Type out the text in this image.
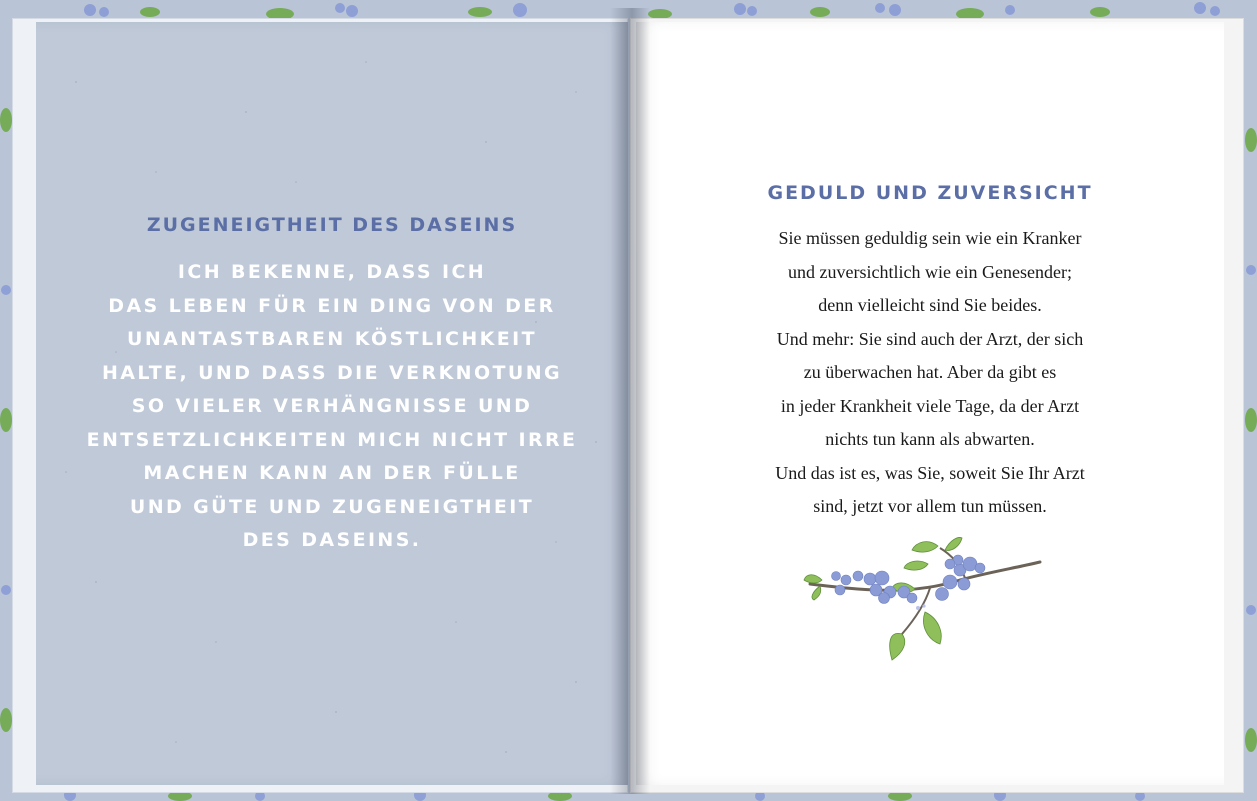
ZUGENEIGTHEIT DES DASEINS
ICH BEKENNE, DASS ICH
DAS LEBEN FÜR EIN DING VON DER
UNANTASTBAREN KÖSTLICHKEIT
HALTE, UND DASS DIE VERKNOTUNG
SO VIELER VERHÄNGNISSE UND
ENTSETZLICHKEITEN MICH NICHT IRRE
MACHEN KANN AN DER FÜLLE
UND GÜTE UND ZUGENEIGTHEIT
DES DASEINS.
GEDULD UND ZUVERSICHT
Sie müssen geduldig sein wie ein Kranker
und zuversichtlich wie ein Genesender;
denn vielleicht sind Sie beides.
Und mehr: Sie sind auch der Arzt, der sich
zu überwachen hat. Aber da gibt es
in jeder Krankheit viele Tage, da der Arzt
nichts tun kann als abwarten.
Und das ist es, was Sie, soweit Sie Ihr Arzt
sind, jetzt vor allem tun müssen.
